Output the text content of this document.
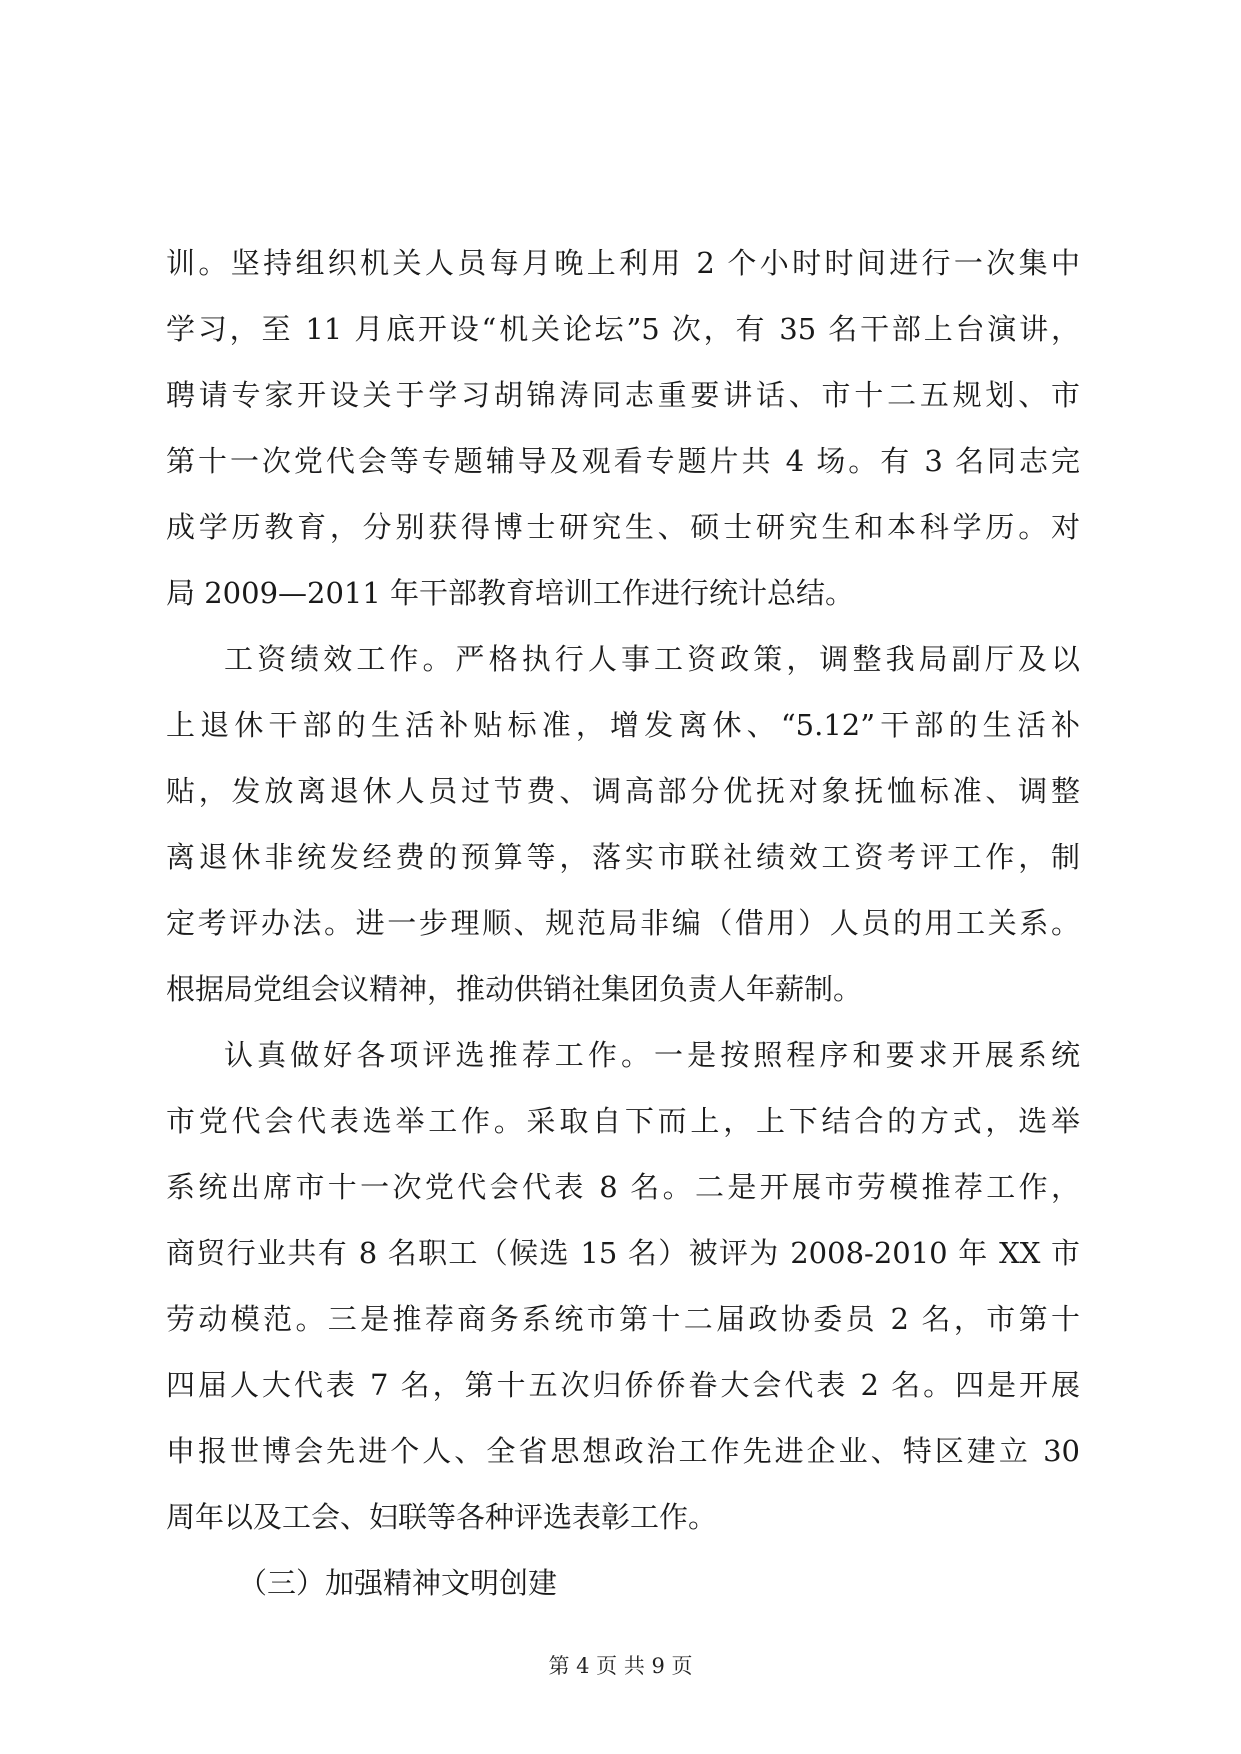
训。坚持组织机关人员每月晚上利用 2 个小时时间进行一次集中
学习，至 11 月底开设“机关论坛”5 次，有 35 名干部上台演讲，
聘请专家开设关于学习胡锦涛同志重要讲话、市十二五规划、市
第十一次党代会等专题辅导及观看专题片共 4 场。有 3 名同志完
成学历教育，分别获得博士研究生、硕士研究生和本科学历。对
局 2009—2011 年干部教育培训工作进行统计总结。
工资绩效工作。严格执行人事工资政策，调整我局副厅及以
上退休干部的生活补贴标准，增发离休、“5.12”干部的生活补
贴，发放离退休人员过节费、调高部分优抚对象抚恤标准、调整
离退休非统发经费的预算等，落实市联社绩效工资考评工作，制
定考评办法。进一步理顺、规范局非编（借用）人员的用工关系。
根据局党组会议精神，推动供销社集团负责人年薪制。
认真做好各项评选推荐工作。一是按照程序和要求开展系统
市党代会代表选举工作。采取自下而上，上下结合的方式，选举
系统出席市十一次党代会代表 8 名。二是开展市劳模推荐工作，
商贸行业共有 8 名职工（候选 15 名）被评为 2008-2010 年 XX 市
劳动模范。三是推荐商务系统市第十二届政协委员 2 名，市第十
四届人大代表 7 名，第十五次归侨侨眷大会代表 2 名。四是开展
申报世博会先进个人、全省思想政治工作先进企业、特区建立 30
周年以及工会、妇联等各种评选表彰工作。
（三）加强精神文明创建
第 4 页 共 9 页
